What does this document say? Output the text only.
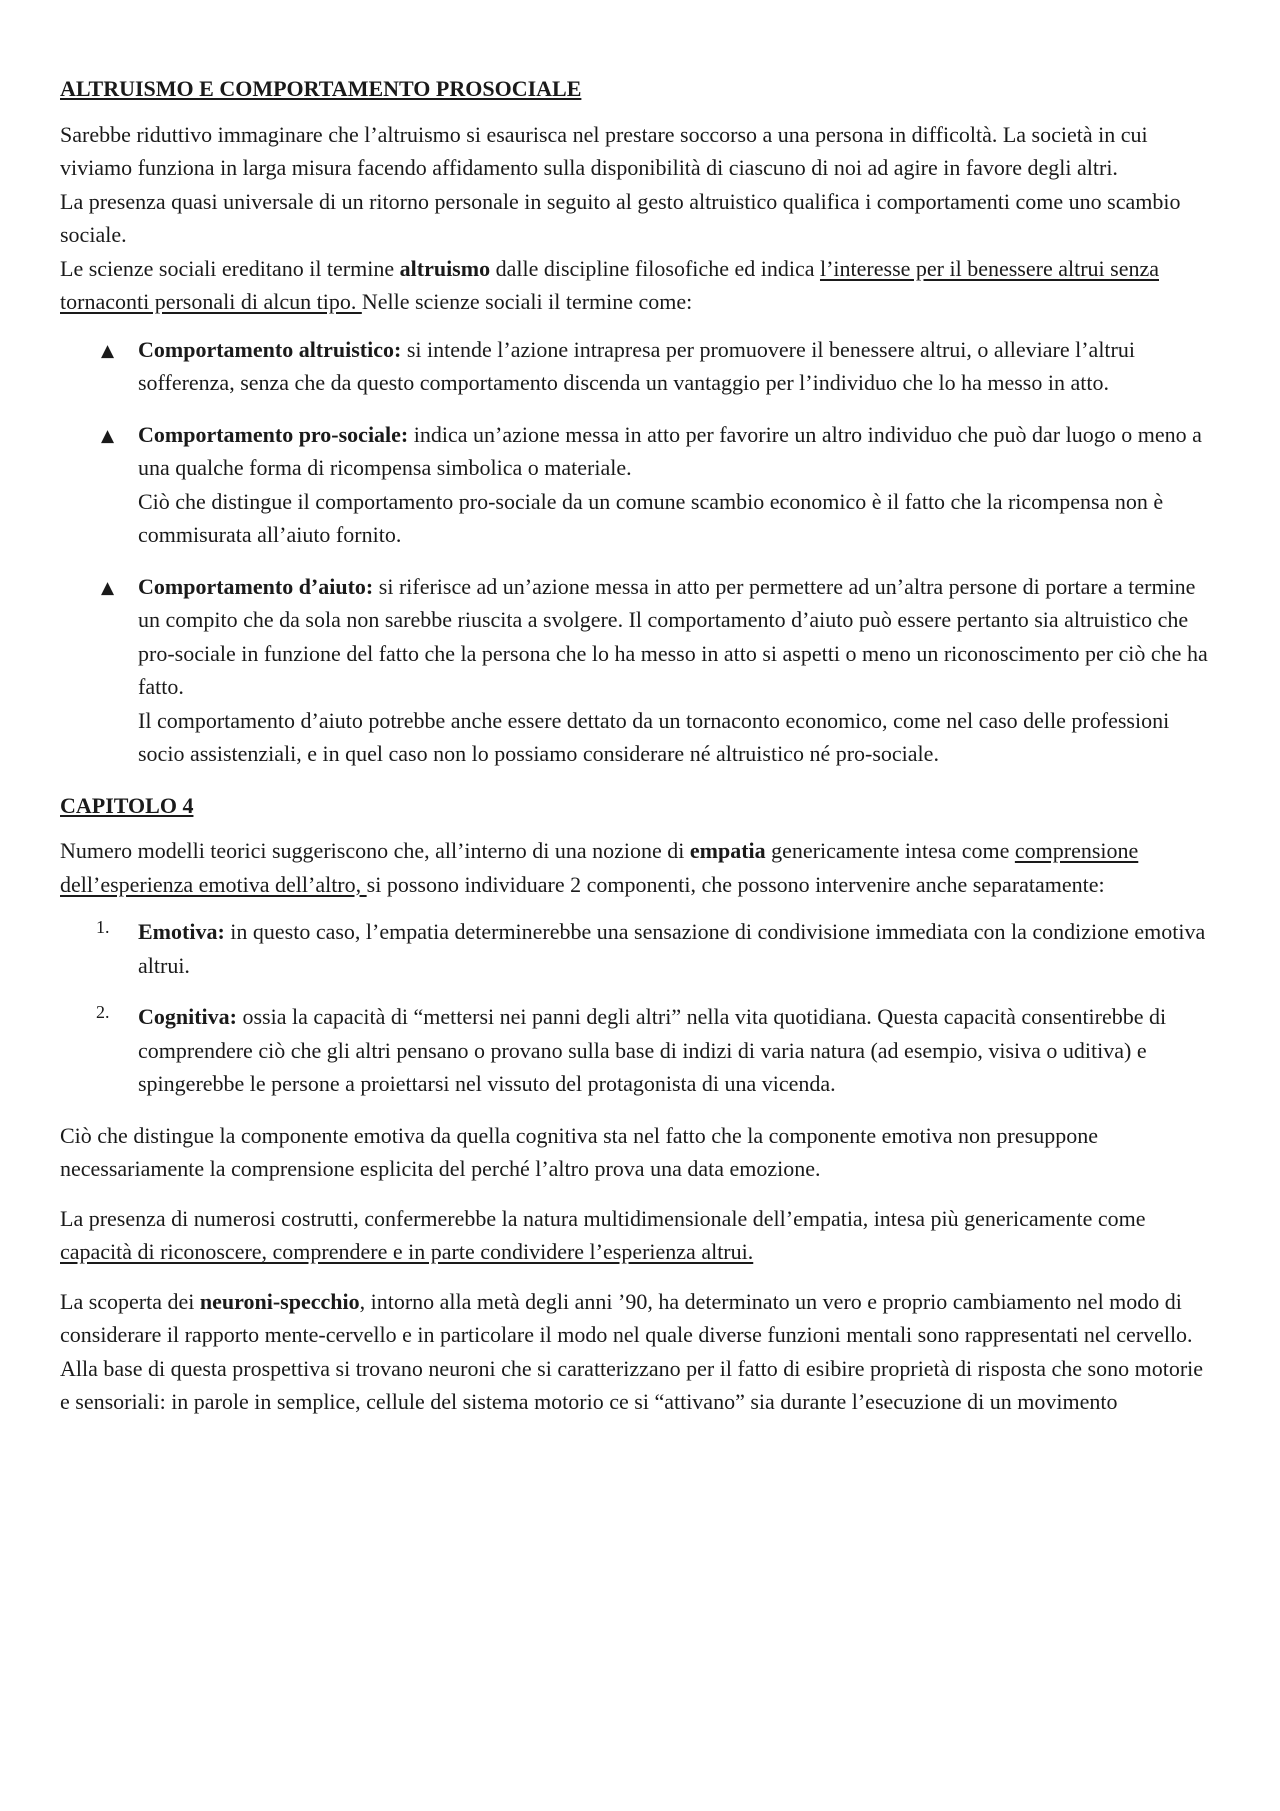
ALTRUISMO E COMPORTAMENTO PROSOCIALE

Sarebbe riduttivo immaginare che l’altruismo si esaurisca nel prestare soccorso a una persona in difficoltà. La società in cui viviamo funziona in larga misura facendo affidamento sulla disponibilità di ciascuno di noi ad agire in favore degli altri.

La presenza quasi universale di un ritorno personale in seguito al gesto altruistico qualifica i comportamenti come uno scambio sociale.

Le scienze sociali ereditano il termine altruismo dalle discipline filosofiche ed indica l’interesse per il benessere altrui senza tornaconti personali di alcun tipo. Nelle scienze sociali il termine come:

▲ Comportamento altruistico: si intende l’azione intrapresa per promuovere il benessere altrui, o alleviare l’altrui sofferenza, senza che da questo comportamento discenda un vantaggio per l’individuo che lo ha messo in atto.
▲ Comportamento pro-sociale: indica un’azione messa in atto per favorire un altro individuo che può dar luogo o meno a una qualche forma di ricompensa simbolica o materiale.
Ciò che distingue il comportamento pro-sociale da un comune scambio economico è il fatto che la ricompensa non è commisurata all’aiuto fornito.
▲ Comportamento d’aiuto: si riferisce ad un’azione messa in atto per permettere ad un’altra persone di portare a termine un compito che da sola non sarebbe riuscita a svolgere. Il comportamento d’aiuto può essere pertanto sia altruistico che pro-sociale in funzione del fatto che la persona che lo ha messo in atto si aspetti o meno un riconoscimento per ciò che ha fatto.
Il comportamento d’aiuto potrebbe anche essere dettato da un tornaconto economico, come nel caso delle professioni socio assistenziali, e in quel caso non lo possiamo considerare né altruistico né pro-sociale.
CAPITOLO 4

Numero modelli teorici suggeriscono che, all’interno di una nozione di empatia genericamente intesa come comprensione dell’esperienza emotiva dell’altro, si possono individuare 2 componenti, che possono intervenire anche separatamente:

1. Emotiva: in questo caso, l’empatia determinerebbe una sensazione di condivisione immediata con la condizione emotiva altrui.
2. Cognitiva: ossia la capacità di “mettersi nei panni degli altri” nella vita quotidiana. Questa capacità consentirebbe di comprendere ciò che gli altri pensano o provano sulla base di indizi di varia natura (ad esempio, visiva o uditiva) e spingerebbe le persone a proiettarsi nel vissuto del protagonista di una vicenda.

Ciò che distingue la componente emotiva da quella cognitiva sta nel fatto che la componente emotiva non presuppone necessariamente la comprensione esplicita del perché l’altro prova una data emozione.

La presenza di numerosi costrutti, confermerebbe la natura multidimensionale dell’empatia, intesa più genericamente come capacità di riconoscere, comprendere e in parte condividere l’esperienza altrui.

La scoperta dei neuroni-specchio, intorno alla metà degli anni ’90, ha determinato un vero e proprio cambiamento nel modo di considerare il rapporto mente-cervello e in particolare il modo nel quale diverse funzioni mentali sono rappresentati nel cervello. Alla base di questa prospettiva si trovano neuroni che si caratterizzano per il fatto di esibire proprietà di risposta che sono motorie e sensoriali: in parole in semplice, cellule del sistema motorio ce si “attivano” sia durante l’esecuzione di un movimento
